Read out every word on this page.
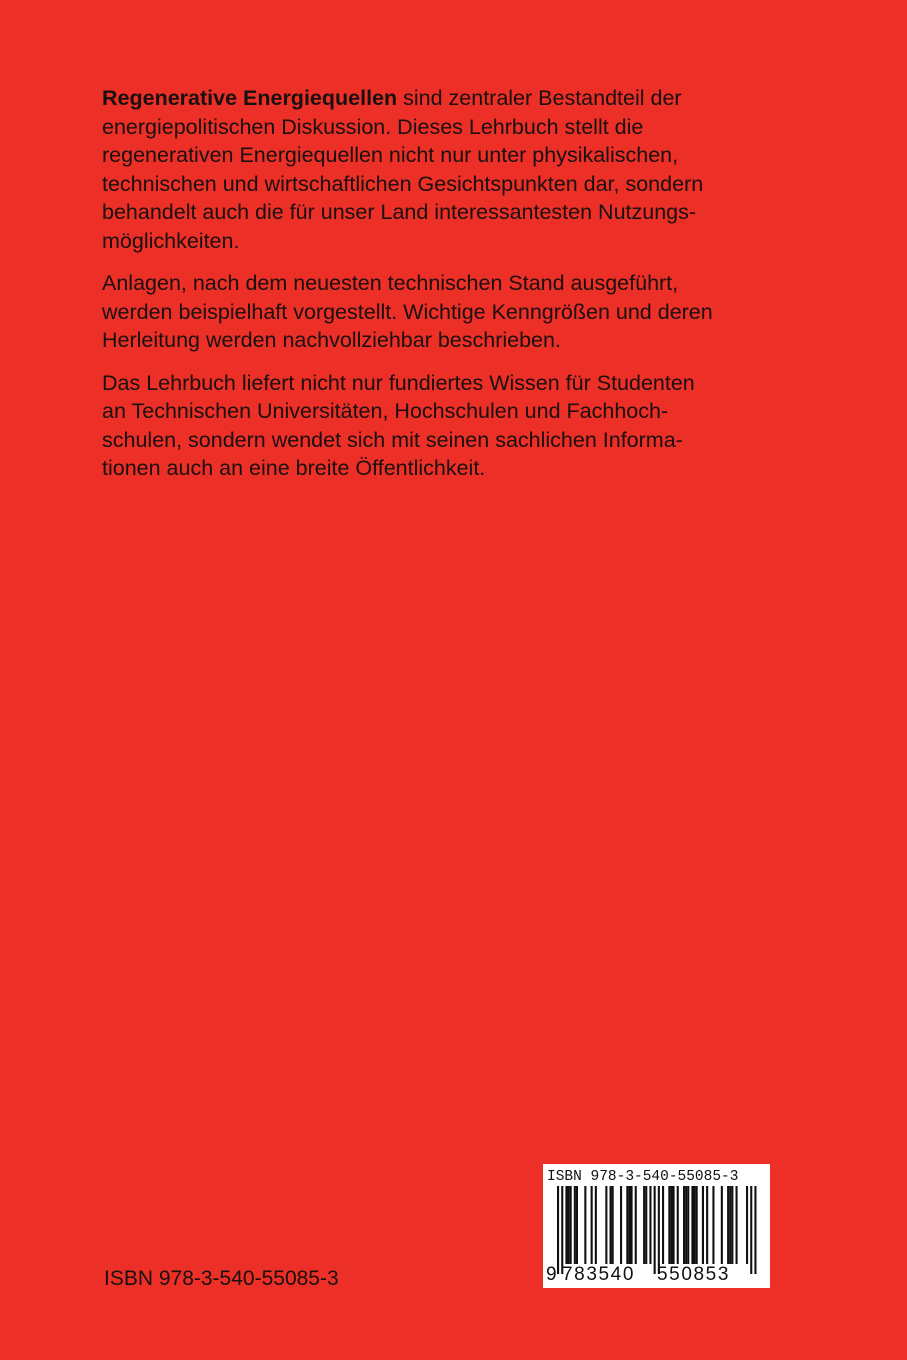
Regenerative Energiequellen sind zentraler Bestandteil der
energiepolitischen Diskussion. Dieses Lehrbuch stellt die
regenerativen Energiequellen nicht nur unter physikalischen,
technischen und wirtschaftlichen Gesichtspunkten dar, sondern
behandelt auch die für unser Land interessantesten Nutzungs-
möglichkeiten.

Anlagen, nach dem neuesten technischen Stand ausgeführt,
werden beispielhaft vorgestellt. Wichtige Kenngrößen und deren
Herleitung werden nachvollziehbar beschrieben.

Das Lehrbuch liefert nicht nur fundiertes Wissen für Studenten
an Technischen Universitäten, Hochschulen und Fachhoch-
schulen, sondern wendet sich mit seinen sachlichen Informa-
tionen auch an eine breite Öffentlichkeit.

ISBN 978-3-540-55085-3
ISBN 978-3-540-55085-3
9 783540 550853
